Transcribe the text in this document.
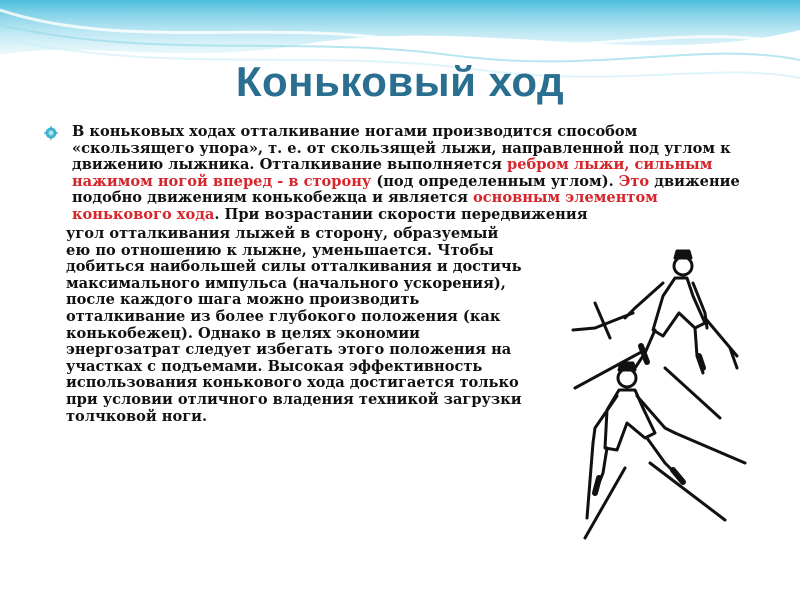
Коньковый ход
В коньковых ходах отталкивание ногами производится способом «скользящего упора», т. е. от скользящей лыжи, направленной под углом к движению лыжника. Отталкивание выполняется ребром лыжи, сильным нажимом ногой вперед - в сторону (под определенным углом). Это движение подобно движениям конькобежца и является основным элементом конькового хода. При возрастании скорости передвижения
угол отталкивания лыжей в сторону, образуемый ею по отношению к лыжне, уменьшается. Чтобы добиться наибольшей силы отталкивания и достичь максимального импульса (начального ускорения), после каждого шага можно производить отталкивание из более глубокого положения (как конькобежец). Однако в целях экономии энергозатрат следует избегать этого положения на участках с подъемами. Высокая эффективность использования конькового хода достигается только при условии отличного владения техникой загрузки толчковой ноги.
